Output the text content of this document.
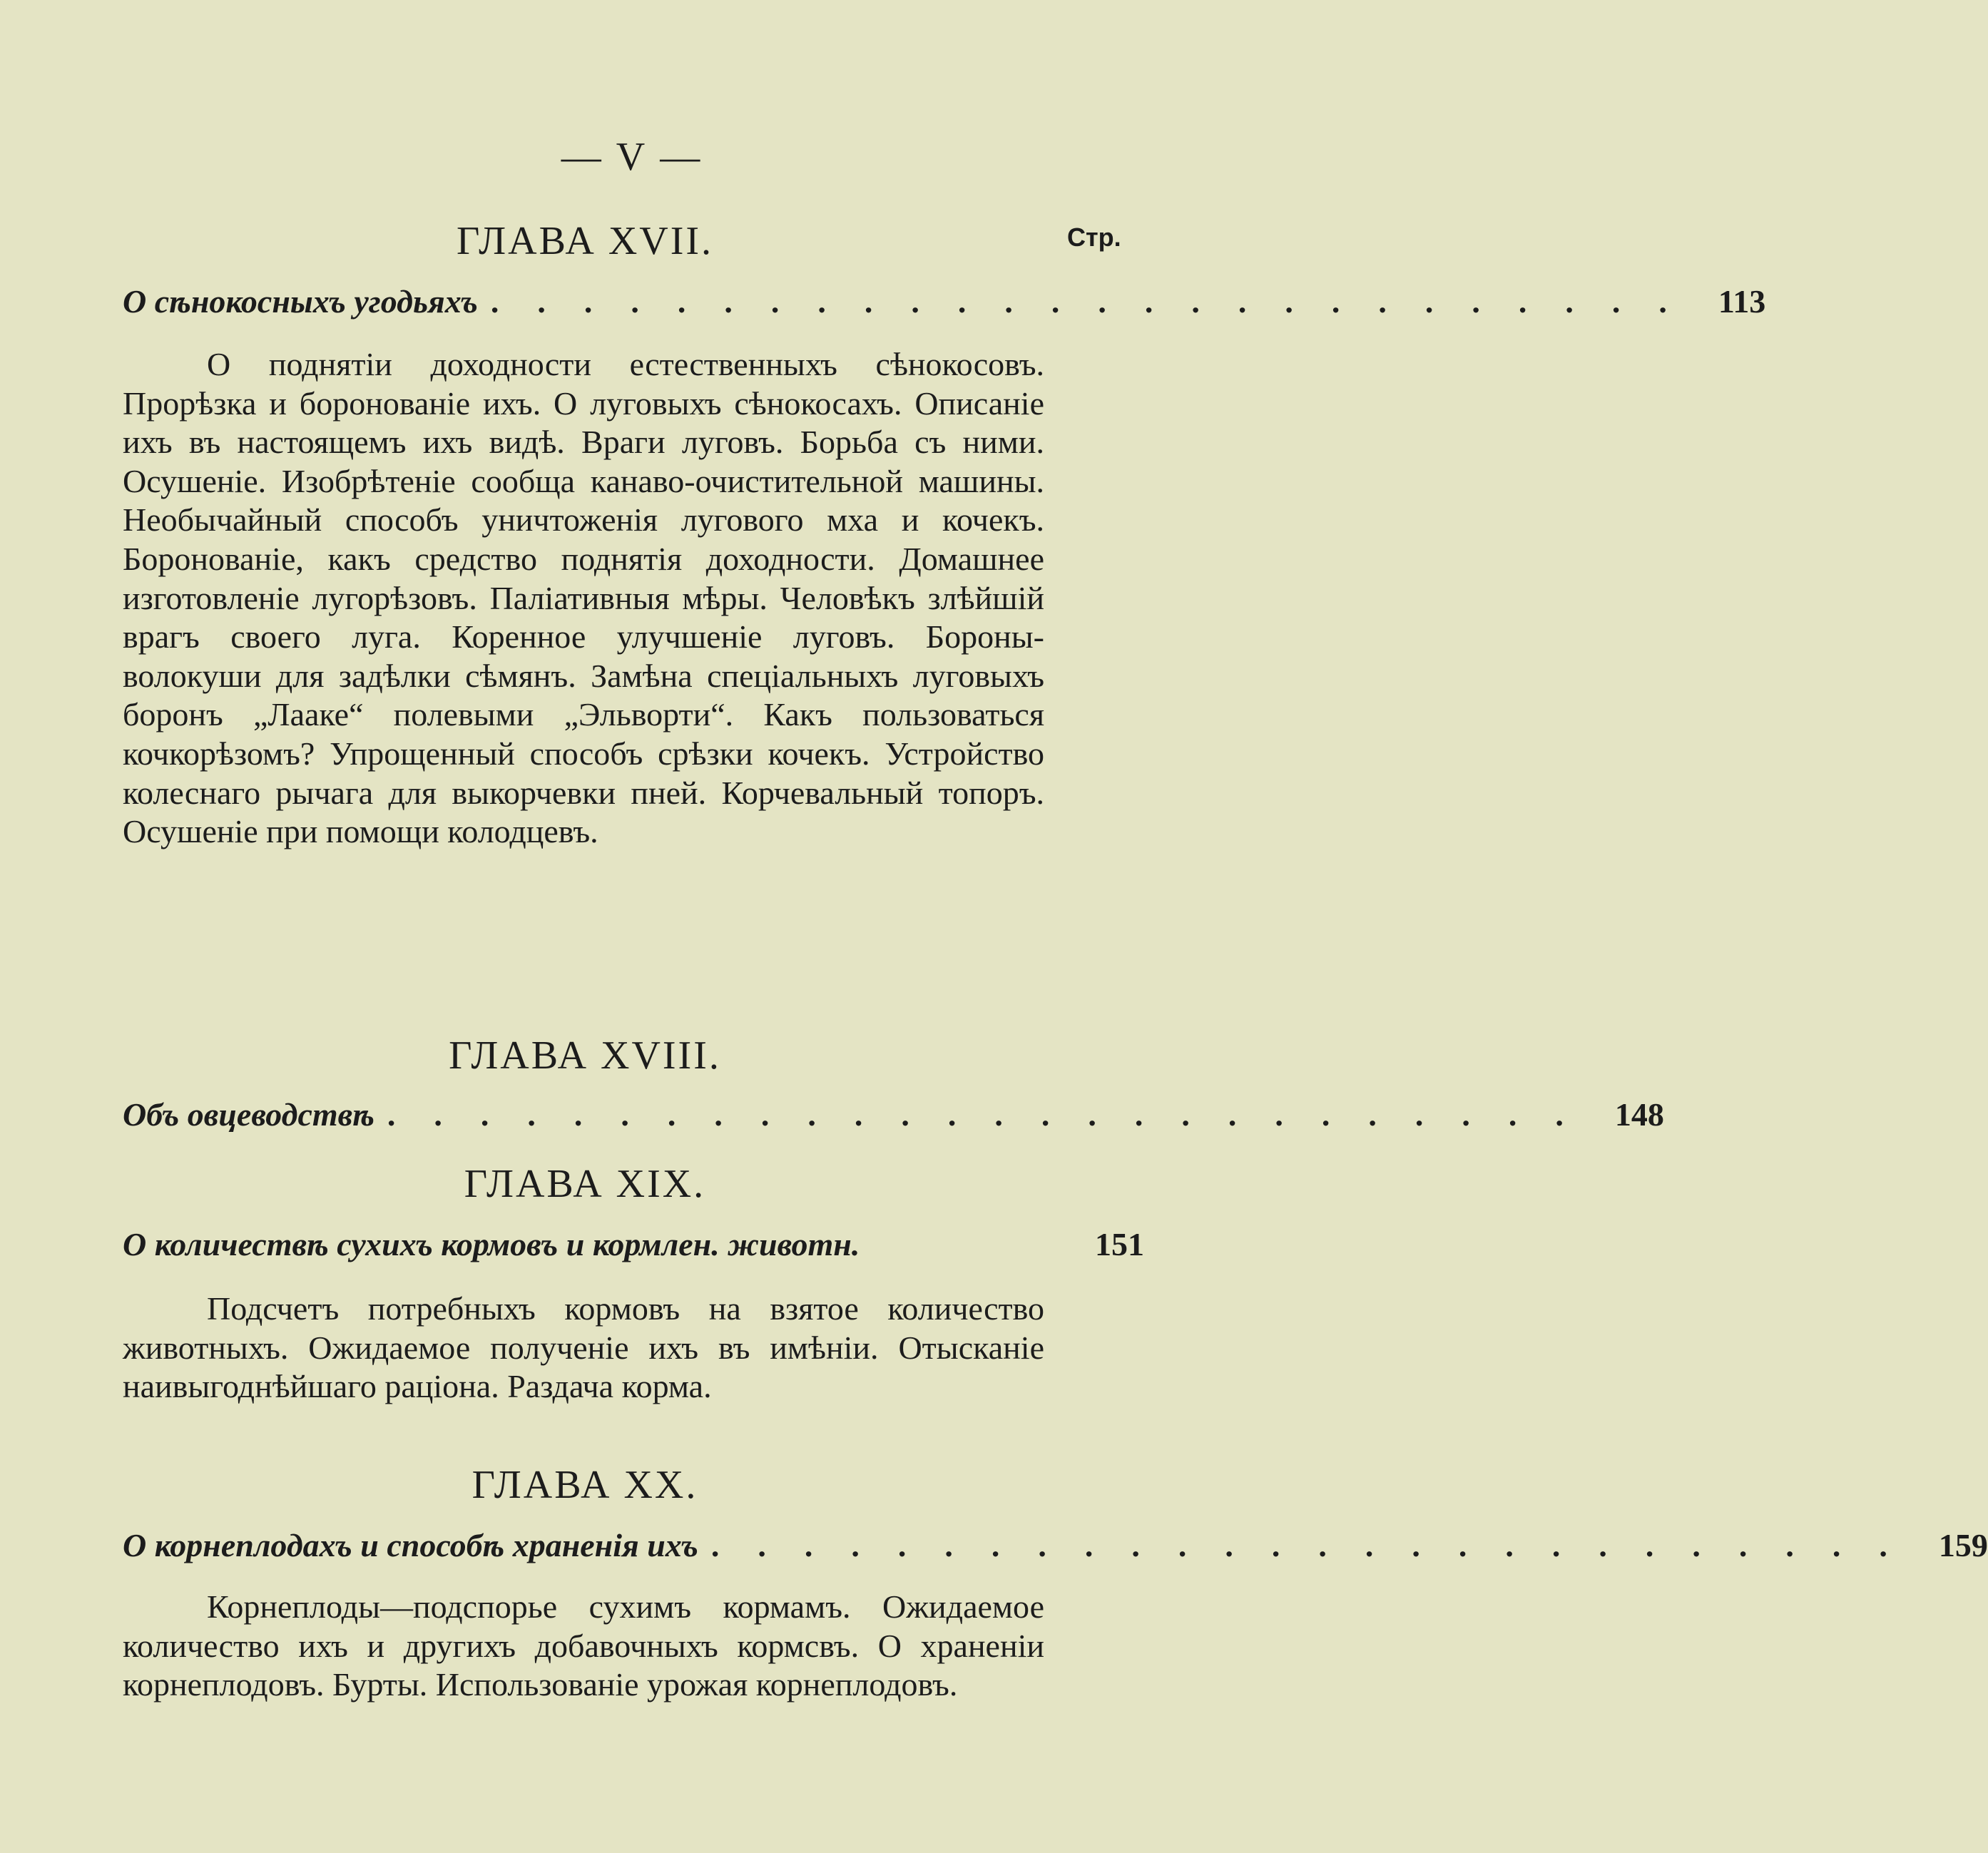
— V —
Стр.
ГЛАВА XVII.
О сѣнокосныхъ угодьяхъ .......................... 113

О поднятіи доходности естественныхъ сѣнокосовъ. Прорѣзка и боронованіе ихъ. О луговыхъ сѣнокосахъ. Описаніе ихъ въ настоящемъ ихъ видѣ. Враги луговъ. Борьба съ ними. Осушеніе. Изобрѣтеніе сообща канаво-очистительной машины. Необычайный способъ уничтоженія лугового мха и кочекъ. Боронованіе, какъ средство поднятія доходности. Домашнее изготовленіе лугорѣзовъ. Паліативныя мѣры. Человѣкъ злѣйшій врагъ своего луга. Коренное улучшеніе луговъ. Бороны-волокуши для задѣлки сѣмянъ. Замѣна спеціальныхъ луговыхъ боронъ „Лааке“ полевыми „Эльворти“. Какъ пользоваться кочкорѣзомъ? Упрощенный способъ срѣзки кочекъ. Устройство колеснаго рычага для выкорчевки пней. Корчевальный топоръ. Осушеніе при помощи колодцевъ.

ГЛАВА XVIII.
Объ овцеводствѣ .......................... 148
ГЛАВА XIX.
О количествѣ сухихъ кормовъ и кормлен. животн.	151

Подсчетъ потребныхъ кормовъ на взятое количество животныхъ. Ожидаемое полученіе ихъ въ имѣніи. Отысканіе наивыгоднѣйшаго раціона. Раздача корма.

ГЛАВА XX.
О корнеплодахъ и способѣ храненія ихъ .......................... 159

Корнеплоды—подспорье сухимъ кормамъ. Ожидаемое количество ихъ и другихъ добавочныхъ кормсвъ. О храненіи корнеплодовъ. Бурты. Использованіе урожая корнеплодовъ.
